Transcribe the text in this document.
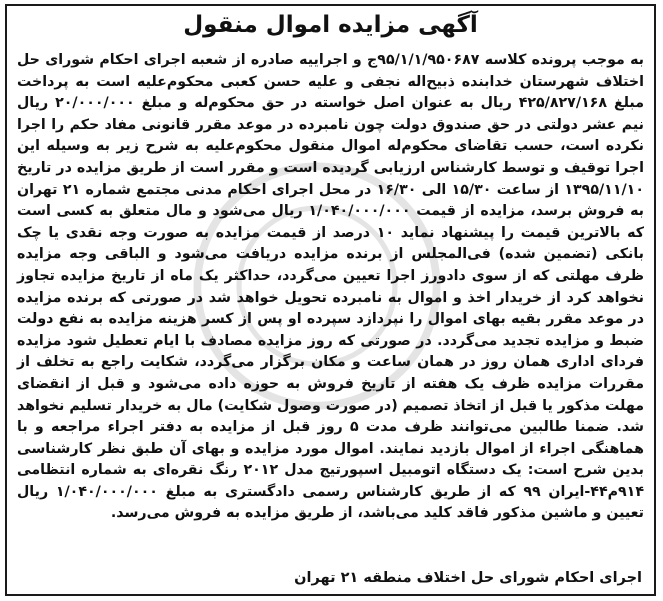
آگهی مزایده اموال منقول

به موجب پرونده کلاسه ۹۵/۱/۱/۹۵۰۶۸۷ج و اجراییه صادره از شعبه اجرای احکام شورای حل اختلاف شهرستان خدابنده ذبیح‌اله نجفی و علیه حسن کعبی محکوم‌علیه است به پرداخت مبلغ ۴۲۵/۸۲۷/۱۶۸ ریال به عنوان اصل خواسته در حق محکوم‌له و مبلغ ۲۰/۰۰۰/۰۰۰ ریال نیم عشر دولتی در حق صندوق دولت چون نامبرده در موعد مقرر قانونی مفاد حکم را اجرا نکرده است، حسب تقاضای محکوم‌له اموال منقول محکوم‌علیه به شرح زیر به وسیله این اجرا توقیف و توسط کارشناس ارزیابی گردیده است و مقرر است از طریق مزایده در تاریخ ۱۳۹۵/۱۱/۱۰ از ساعت ۱۵/۳۰ الی ۱۶/۳۰ در محل اجرای احکام مدنی مجتمع شماره ۲۱ تهران به فروش برسد، مزایده از قیمت ۱/۰۴۰/۰۰۰/۰۰۰ ریال می‌شود و مال متعلق به کسی است که بالاترین قیمت را پیشنهاد نماید ۱۰ درصد از قیمت مزایده به صورت وجه نقدی یا چک بانکی (تضمین شده) فی‌المجلس از برنده مزایده دریافت می‌شود و الباقی وجه مزایده ظرف مهلتی که از سوی دادورز اجرا تعیین می‌گردد، حداکثر یک ماه از تاریخ مزایده تجاوز نخواهد کرد از خریدار اخذ و اموال به نامبرده تحویل خواهد شد در صورتی که برنده مزایده در موعد مقرر بقیه بهای اموال را نپردازد سپرده او پس از کسر هزینه مزایده به نفع دولت ضبط و مزایده تجدید می‌گردد. در صورتی که روز مزایده مصادف با ایام تعطیل شود مزایده فردای اداری همان روز در همان ساعت و مکان برگزار می‌گردد، شکایت راجع به تخلف از مقررات مزایده ظرف یک هفته از تاریخ فروش به حوزه داده می‌شود و قبل از انقضای مهلت مذکور یا قبل از اتخاذ تصمیم (در صورت وصول شکایت) مال به خریدار تسلیم نخواهد شد. ضمنا طالبین می‌توانند ظرف مدت ۵ روز قبل از مزایده به دفتر اجراء مراجعه و با هماهنگی اجراء از اموال بازدید نمایند. اموال مورد مزایده و بهای آن طبق نظر کارشناسی بدین شرح است: یک دستگاه اتومبیل اسپورتیج مدل ۲۰۱۲ رنگ نقره‌ای به شماره انتظامی ۹۱۴م۴۴-ایران ۹۹ که از طریق کارشناس رسمی دادگستری به مبلغ ۱/۰۴۰/۰۰۰/۰۰۰ ریال تعیین و ماشین مذکور فاقد کلید می‌باشد، از طریق مزایده به فروش می‌رسد.

اجرای احکام شورای حل اختلاف منطقه ۲۱ تهران
